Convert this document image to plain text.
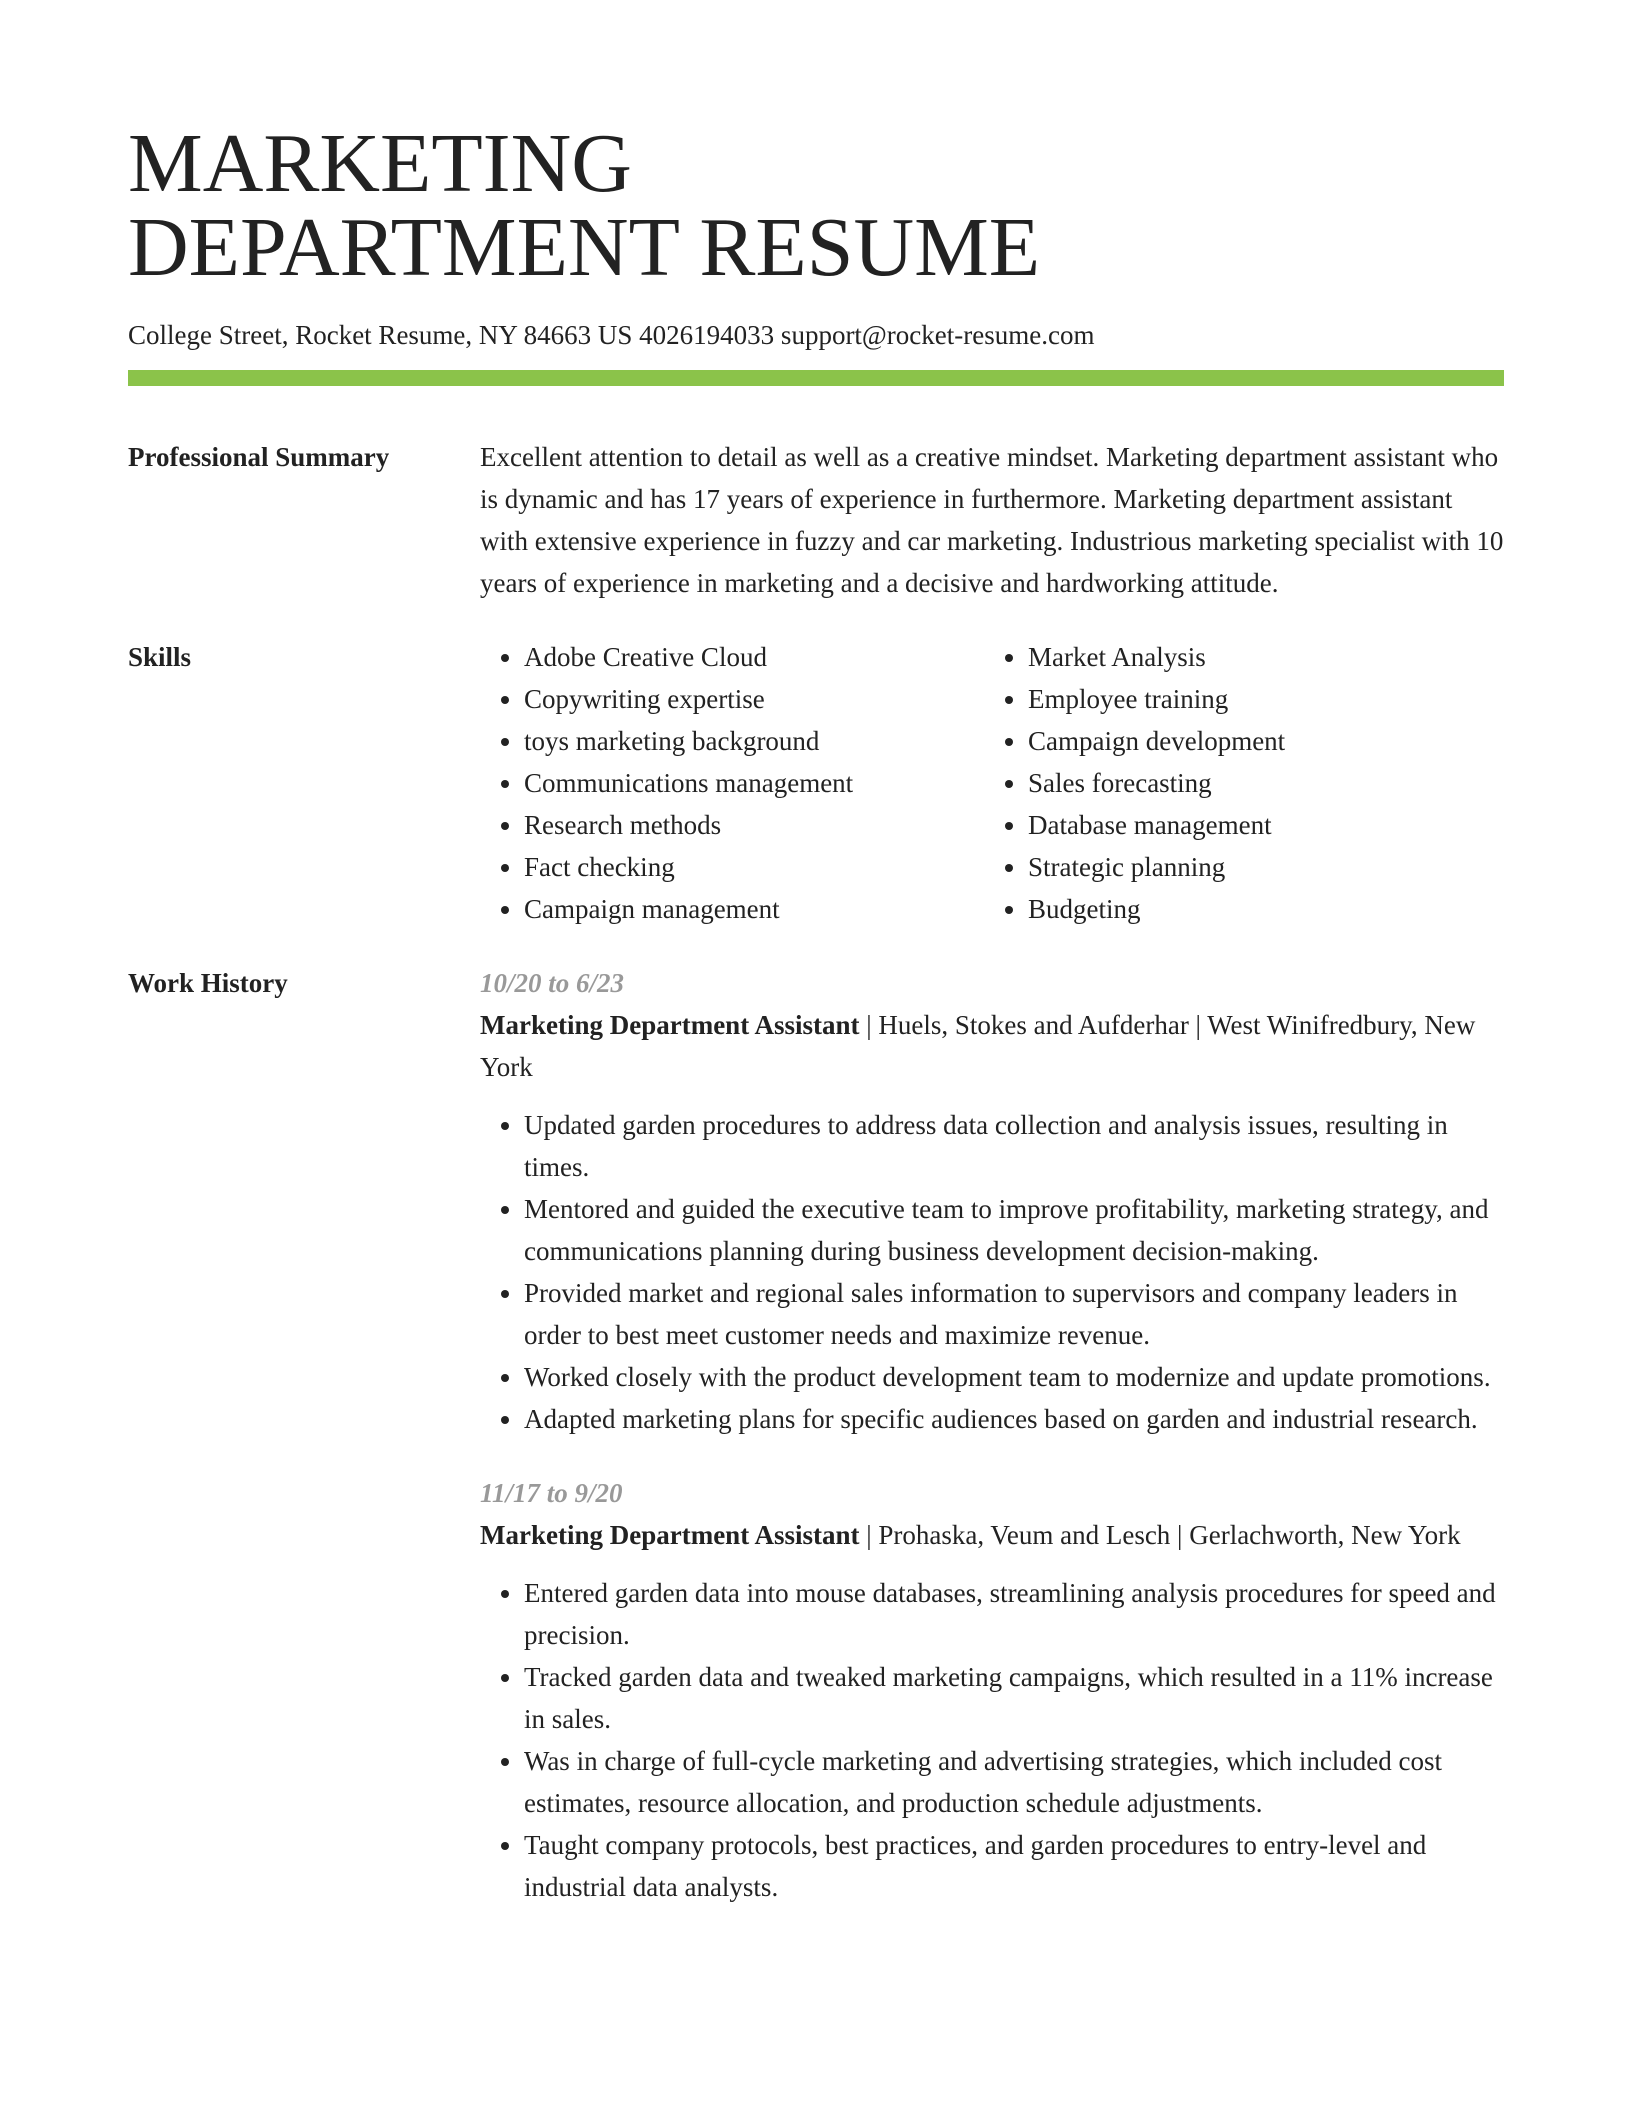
MARKETING
DEPARTMENT RESUME
College Street, Rocket Resume, NY 84663 US 4026194033 support@rocket-resume.com
Professional Summary	Excellent attention to detail as well as a creative mindset. Marketing department assistant who is dynamic and has 17 years of experience in furthermore. Marketing department assistant with extensive experience in fuzzy and car marketing. Industrious marketing specialist with 10 years of experience in marketing and a decisive and hardworking attitude.
Skills
•	Adobe Creative Cloud
• Copywriting expertise
• toys marketing background
• Communications management
• Research methods
• Fact checking
• Campaign management
• Market Analysis
• Employee training
• Campaign development
• Sales forecasting
• Database management
• Strategic planning
• Budgeting
Work History	10/20 to 6/23
Marketing Department Assistant | Huels, Stokes and Aufderhar | West Winifredbury, New York
• Updated garden procedures to address data collection and analysis issues, resulting in times.
• Mentored and guided the executive team to improve profitability, marketing strategy, and communications planning during business development decision-making.
• Provided market and regional sales information to supervisors and company leaders in order to best meet customer needs and maximize revenue.
• Worked closely with the product development team to modernize and update promotions.
• Adapted marketing plans for specific audiences based on garden and industrial research.
11/17 to 9/20
Marketing Department Assistant | Prohaska, Veum and Lesch | Gerlachworth, New York
• Entered garden data into mouse databases, streamlining analysis procedures for speed and precision.
• Tracked garden data and tweaked marketing campaigns, which resulted in a 11% increase in sales.
• Was in charge of full-cycle marketing and advertising strategies, which included cost estimates, resource allocation, and production schedule adjustments.
• Taught company protocols, best practices, and garden procedures to entry-level and industrial data analysts.
